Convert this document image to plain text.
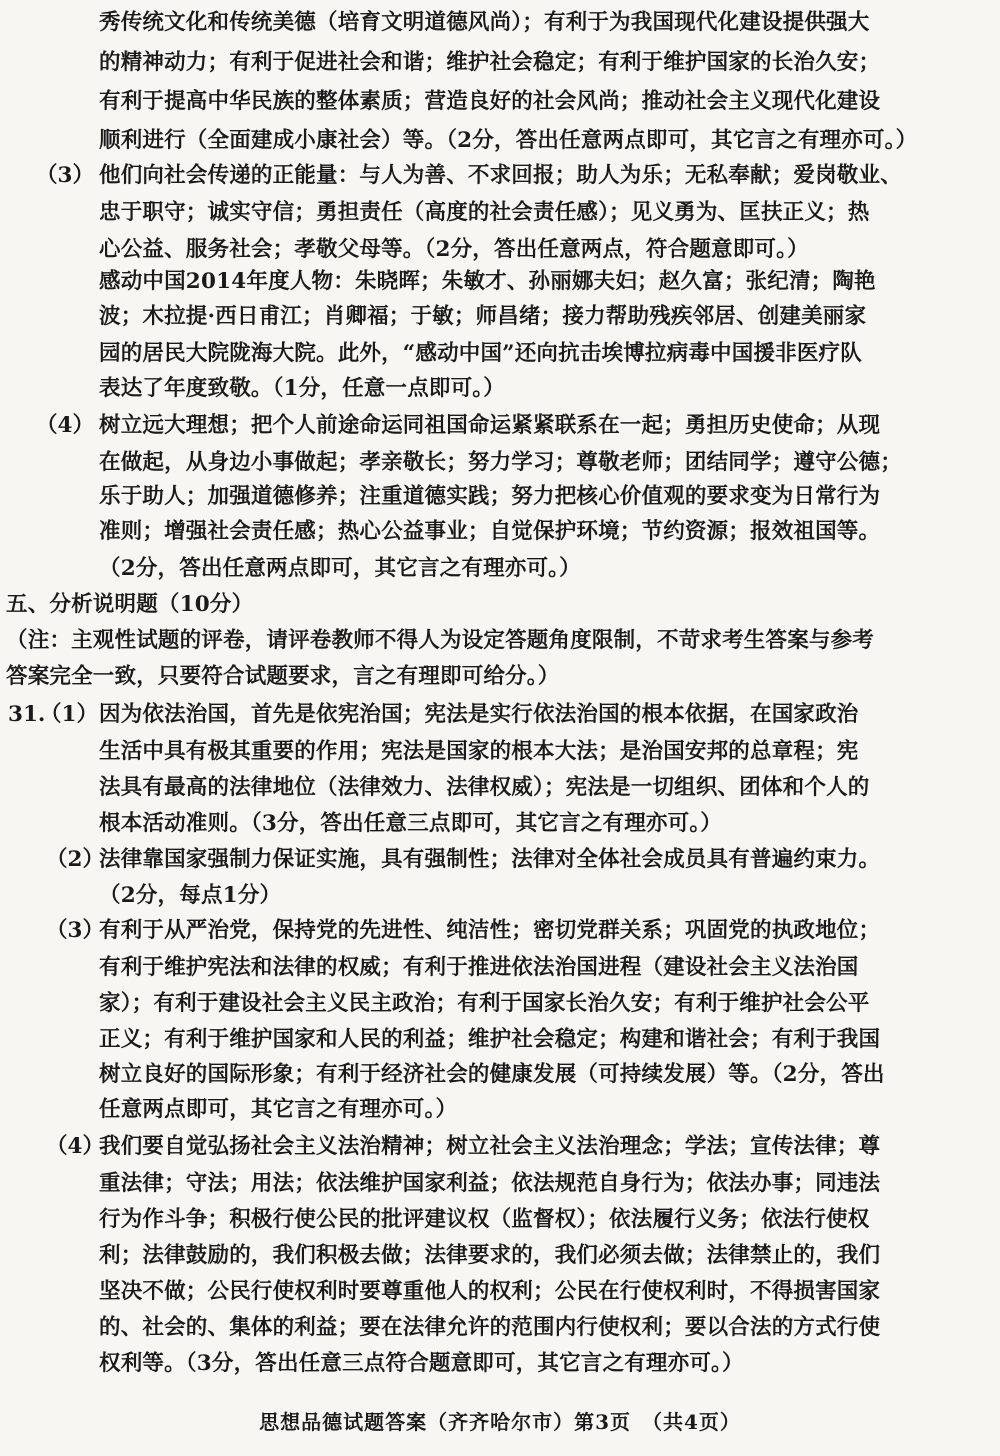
秀传统文化和传统美德（培育文明道德风尚）；有利于为我国现代化建设提供强大
的精神动力；有利于促进社会和谐；维护社会稳定；有利于维护国家的长治久安；
有利于提高中华民族的整体素质；营造良好的社会风尚；推动社会主义现代化建设
顺利进行（全面建成小康社会）等。（2分，答出任意两点即可，其它言之有理亦可。）
（3） 他们向社会传递的正能量：与人为善、不求回报；助人为乐；无私奉献；爱岗敬业、
忠于职守；诚实守信；勇担责任（高度的社会责任感）；见义勇为、匡扶正义；热
心公益、服务社会；孝敬父母等。（2分，答出任意两点，符合题意即可。）
感动中国2014年度人物：朱晓晖；朱敏才、孙丽娜夫妇；赵久富；张纪清；陶艳
波；木拉提·西日甫江；肖卿福；于敏；师昌绪；接力帮助残疾邻居、创建美丽家
园的居民大院陇海大院。此外，“感动中国”还向抗击埃博拉病毒中国援非医疗队
表达了年度致敬。（1分，任意一点即可。）
（4） 树立远大理想；把个人前途命运同祖国命运紧紧联系在一起；勇担历史使命；从现
在做起，从身边小事做起；孝亲敬长；努力学习；尊敬老师；团结同学；遵守公德；
乐于助人；加强道德修养；注重道德实践；努力把核心价值观的要求变为日常行为
准则；增强社会责任感；热心公益事业；自觉保护环境；节约资源；报效祖国等。
（2分，答出任意两点即可，其它言之有理亦可。）
五、分析说明题（10分）
（注：主观性试题的评卷，请评卷教师不得人为设定答题角度限制，不苛求考生答案与参考
答案完全一致，只要符合试题要求，言之有理即可给分。）
31.
（1） 因为依法治国，首先是依宪治国；宪法是实行依法治国的根本依据，在国家政治
生活中具有极其重要的作用；宪法是国家的根本大法；是治国安邦的总章程；宪
法具有最高的法律地位（法律效力、法律权威）；宪法是一切组织、团体和个人的
根本活动准则。（3分，答出任意三点即可，其它言之有理亦可。）
（2）
法律靠国家强制力保证实施，具有强制性；法律对全体社会成员具有普遍约束力。
（2分，每点1分）
（3）
有利于从严治党，保持党的先进性、纯洁性；密切党群关系；巩固党的执政地位；
有利于维护宪法和法律的权威；有利于推进依法治国进程（建设社会主义法治国
家）；有利于建设社会主义民主政治；有利于国家长治久安；有利于维护社会公平
正义；有利于维护国家和人民的利益；维护社会稳定；构建和谐社会；有利于我国
树立良好的国际形象；有利于经济社会的健康发展（可持续发展）等。（2分，答出
任意两点即可，其它言之有理亦可。）
（4）
我们要自觉弘扬社会主义法治精神；树立社会主义法治理念；学法；宣传法律；尊
重法律；守法；用法；依法维护国家利益；依法规范自身行为；依法办事；同违法
行为作斗争；积极行使公民的批评建议权（监督权）；依法履行义务；依法行使权
利；法律鼓励的，我们积极去做；法律要求的，我们必须去做；法律禁止的，我们
坚决不做；公民行使权利时要尊重他人的权利；公民在行使权利时，不得损害国家
的、社会的、集体的利益；要在法律允许的范围内行使权利；要以合法的方式行使
权利等。（3分，答出任意三点符合题意即可，其它言之有理亦可。）
思想品德试题答案（齐齐哈尔市）第3页　（共4页）
